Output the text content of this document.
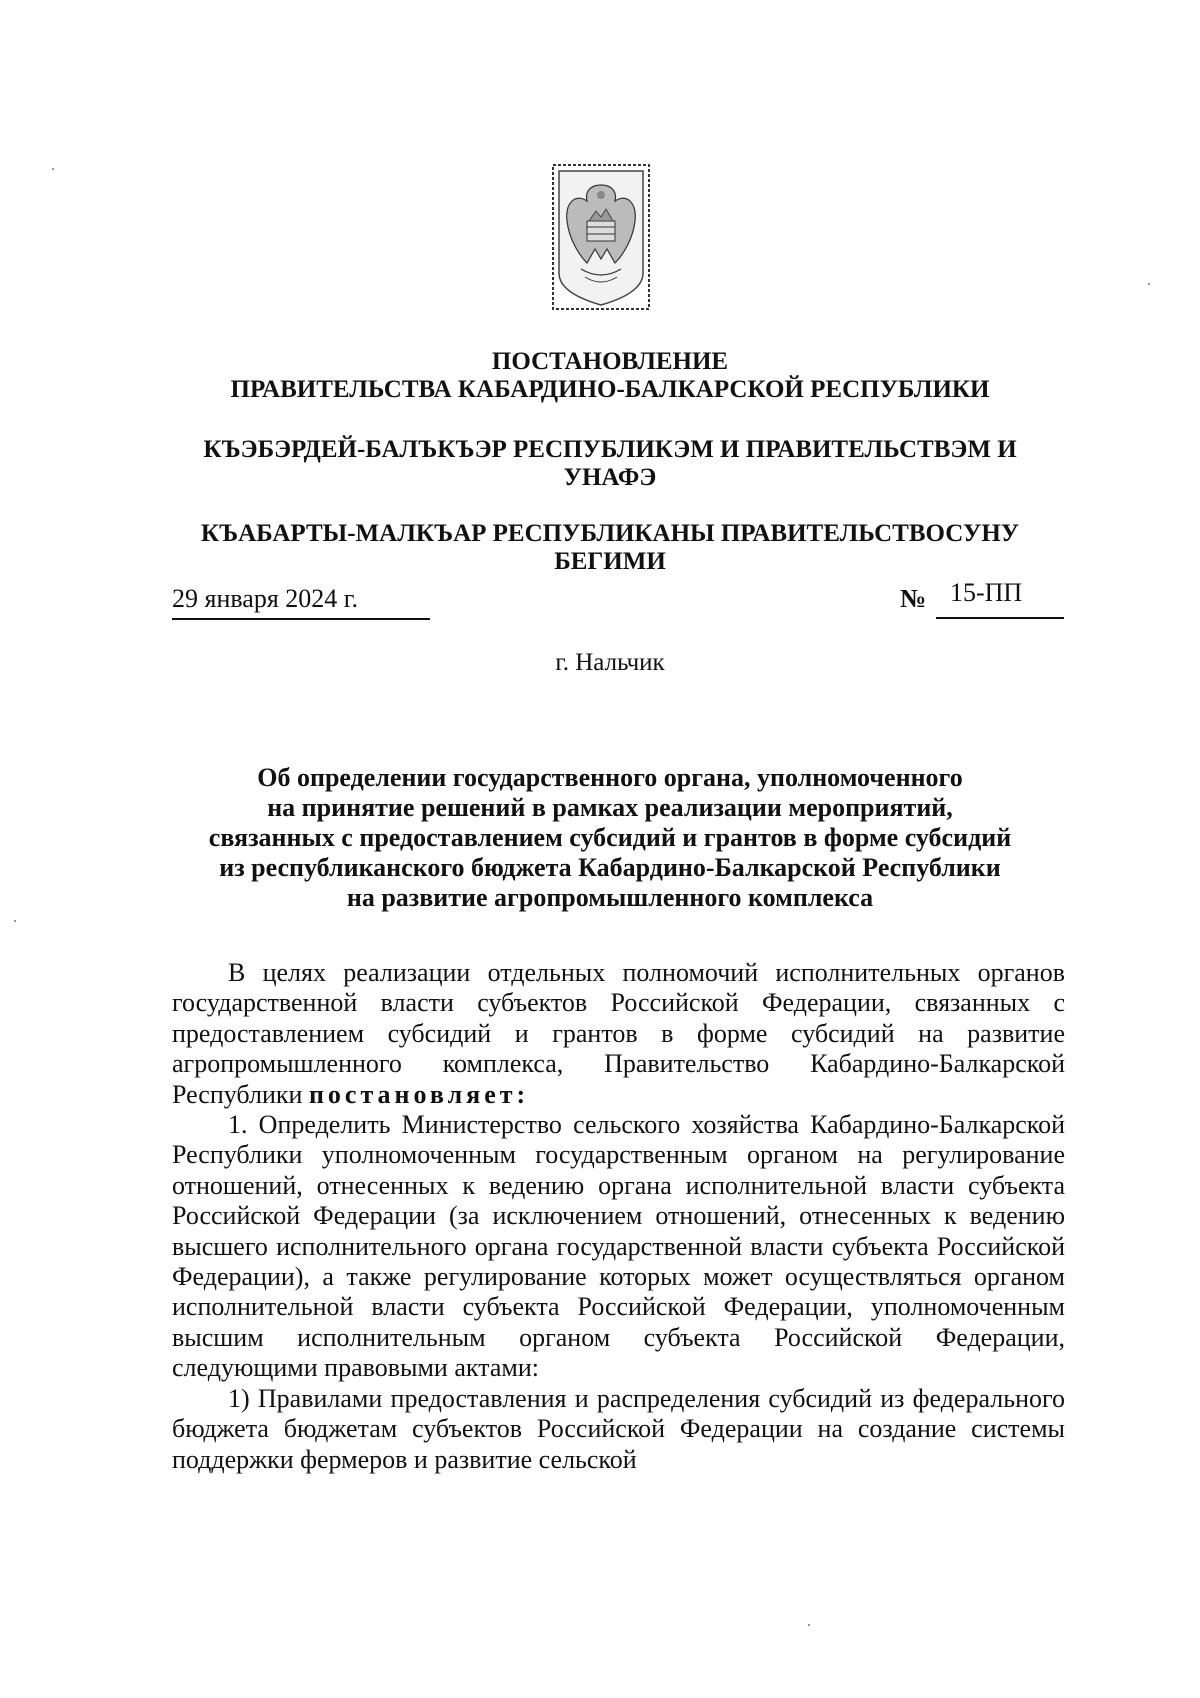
ПОСТАНОВЛЕНИЕ

ПРАВИТЕЛЬСТВА КАБАРДИНО-БАЛКАРСКОЙ РЕСПУБЛИКИ

КЪЭБЭРДЕЙ-БАЛЪКЪЭР РЕСПУБЛИКЭМ И ПРАВИТЕЛЬСТВЭМ И

УНАФЭ

КЪАБАРТЫ-МАЛКЪАР РЕСПУБЛИКАНЫ ПРАВИТЕЛЬСТВОСУНУ

БЕГИМИ

29 января 2024 г.	№ 15-ПП
г. Нальчик
Об определении государственного органа, уполномоченного
на принятие решений в рамках реализации мероприятий,
связанных с предоставлением субсидий и грантов в форме субсидий
из республиканского бюджета Кабардино-Балкарской Республики
на развитие агропромышленного комплекса

В целях реализации отдельных полномочий исполнительных органов государственной власти субъектов Российской Федерации, связанных с предоставлением субсидий и грантов в форме субсидий на развитие агропромышленного комплекса, Правительство Кабардино-Балкарской Республики постановляет:

1. Определить Министерство сельского хозяйства Кабардино-Балкарской Республики уполномоченным государственным органом на регулирование отношений, отнесенных к ведению органа исполнительной власти субъекта Российской Федерации (за исключением отношений, отнесенных к ведению высшего исполнительного органа государственной власти субъекта Российской Федерации), а также регулирование которых может осуществляться органом исполнительной власти субъекта Российской Федерации, уполномоченным высшим исполнительным органом субъекта Российской Федерации, следующими правовыми актами:

1) Правилами предоставления и распределения субсидий из федерального бюджета бюджетам субъектов Российской Федерации на создание системы поддержки фермеров и развитие сельской
